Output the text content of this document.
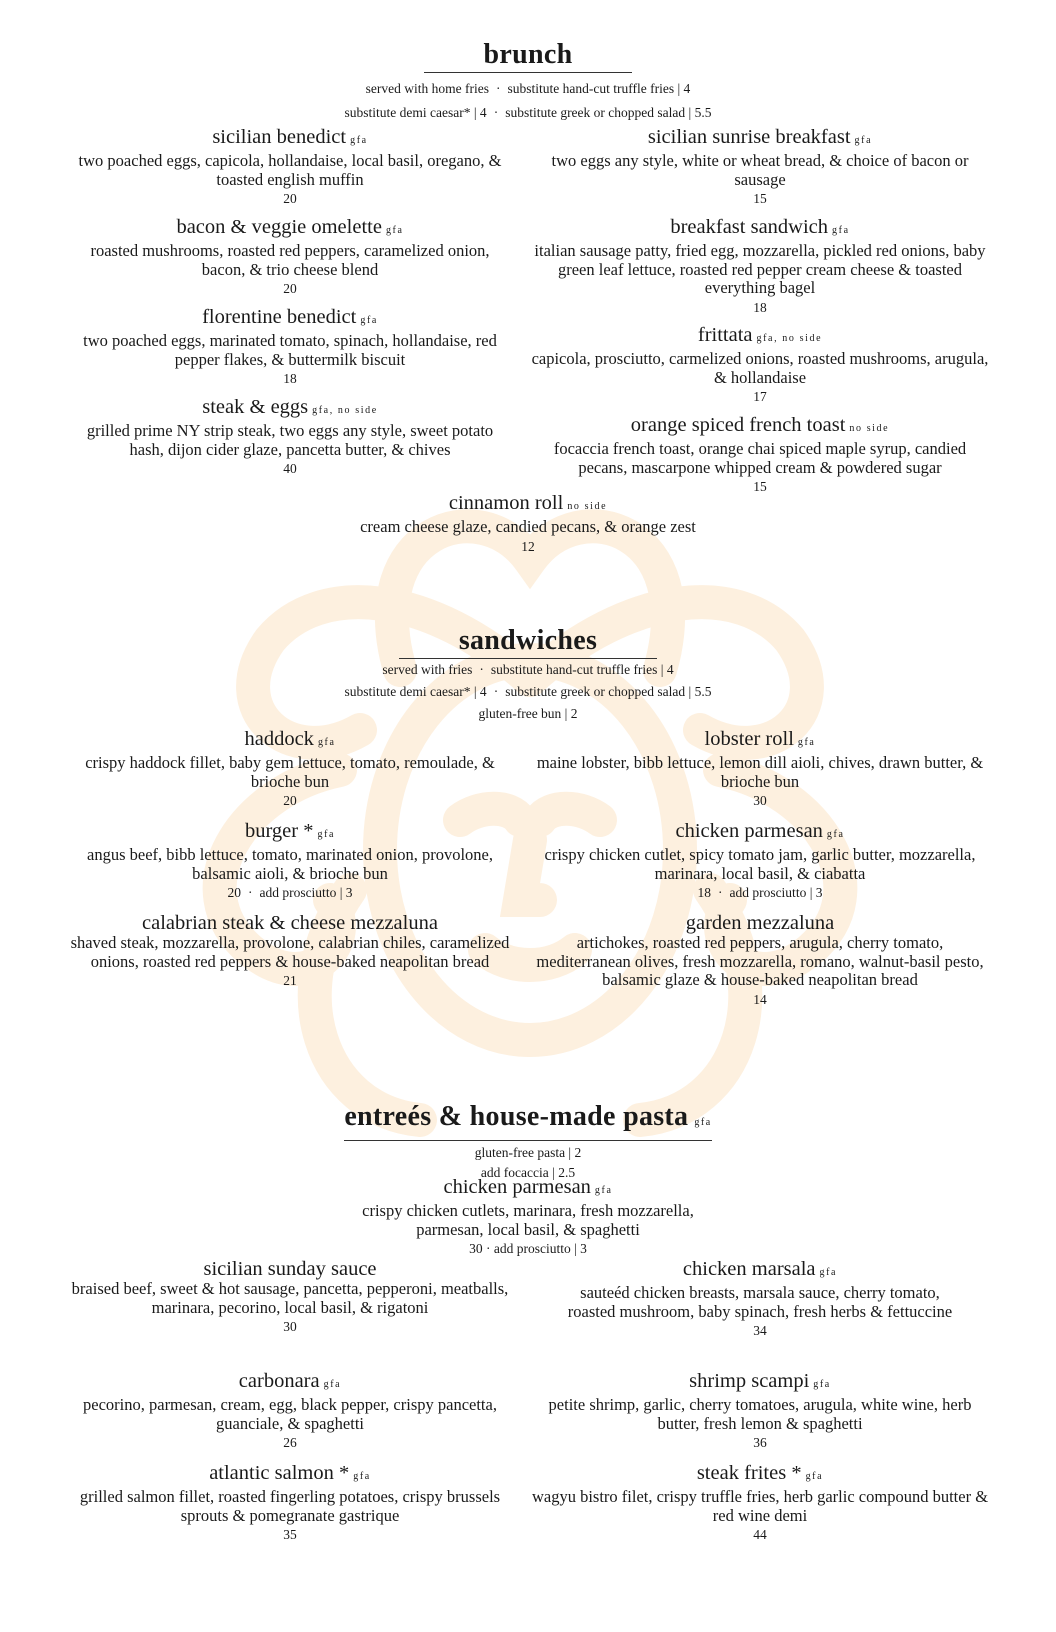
brunch
served with home fries · substitute hand-cut truffle fries | 4
substitute demi caesar* | 4 · substitute greek or chopped salad | 5.5
sicilian benedict gfa
two poached eggs, capicola, hollandaise, local basil, oregano, & toasted english muffin
20
sicilian sunrise breakfast gfa
two eggs any style, white or wheat bread, & choice of bacon or sausage
15
bacon & veggie omelette gfa
roasted mushrooms, roasted red peppers, caramelized onion, bacon, & trio cheese blend
20
breakfast sandwich gfa
italian sausage patty, fried egg, mozzarella, pickled red onions, baby green leaf lettuce, roasted red pepper cream cheese & toasted everything bagel
18
florentine benedict gfa
two poached eggs, marinated tomato, spinach, hollandaise, red pepper flakes, & buttermilk biscuit
18
frittata gfa, no side
capicola, prosciutto, carmelized onions, roasted mushrooms, arugula, & hollandaise
17
steak & eggs gfa, no side
grilled prime NY strip steak, two eggs any style, sweet potato hash, dijon cider glaze, pancetta butter, & chives
40
orange spiced french toast no side
focaccia french toast, orange chai spiced maple syrup, candied pecans, mascarpone whipped cream & powdered sugar
15
cinnamon roll no side
cream cheese glaze, candied pecans, & orange zest
12
sandwiches
served with fries · substitute hand-cut truffle fries | 4
substitute demi caesar* | 4 · substitute greek or chopped salad | 5.5
gluten-free bun | 2
haddock gfa
crispy haddock fillet, baby gem lettuce, tomato, remoulade, & brioche bun
20
lobster roll gfa
maine lobster, bibb lettuce, lemon dill aioli, chives, drawn butter, & brioche bun
30
burger * gfa
angus beef, bibb lettuce, tomato, marinated onion, provolone, balsamic aioli, & brioche bun
20 · add prosciutto | 3
chicken parmesan gfa
crispy chicken cutlet, spicy tomato jam, garlic butter, mozzarella, marinara, local basil, & ciabatta
18 · add prosciutto | 3
calabrian steak & cheese mezzaluna
shaved steak, mozzarella, provolone, calabrian chiles, caramelized onions, roasted red peppers & house-baked neapolitan bread
21
garden mezzaluna
artichokes, roasted red peppers, arugula, cherry tomato, mediterranean olives, fresh mozzarella, romano, walnut-basil pesto, balsamic glaze & house-baked neapolitan bread
14
entreés & house-made pasta gfa
gluten-free pasta | 2
add focaccia | 2.5
chicken parmesan gfa
crispy chicken cutlets, marinara, fresh mozzarella, parmesan, local basil, & spaghetti
30 · add prosciutto | 3
sicilian sunday sauce
braised beef, sweet & hot sausage, pancetta, pepperoni, meatballs, marinara, pecorino, local basil, & rigatoni
30
chicken marsala gfa
sauteéd chicken breasts, marsala sauce, cherry tomato, roasted mushroom, baby spinach, fresh herbs & fettuccine
34
carbonara gfa
pecorino, parmesan, cream, egg, black pepper, crispy pancetta, guanciale, & spaghetti
26
shrimp scampi gfa
petite shrimp, garlic, cherry tomatoes, arugula, white wine, herb butter, fresh lemon & spaghetti
36
atlantic salmon * gfa
grilled salmon fillet, roasted fingerling potatoes, crispy brussels sprouts & pomegranate gastrique
35
steak frites * gfa
wagyu bistro filet, crispy truffle fries, herb garlic compound butter & red wine demi
44
